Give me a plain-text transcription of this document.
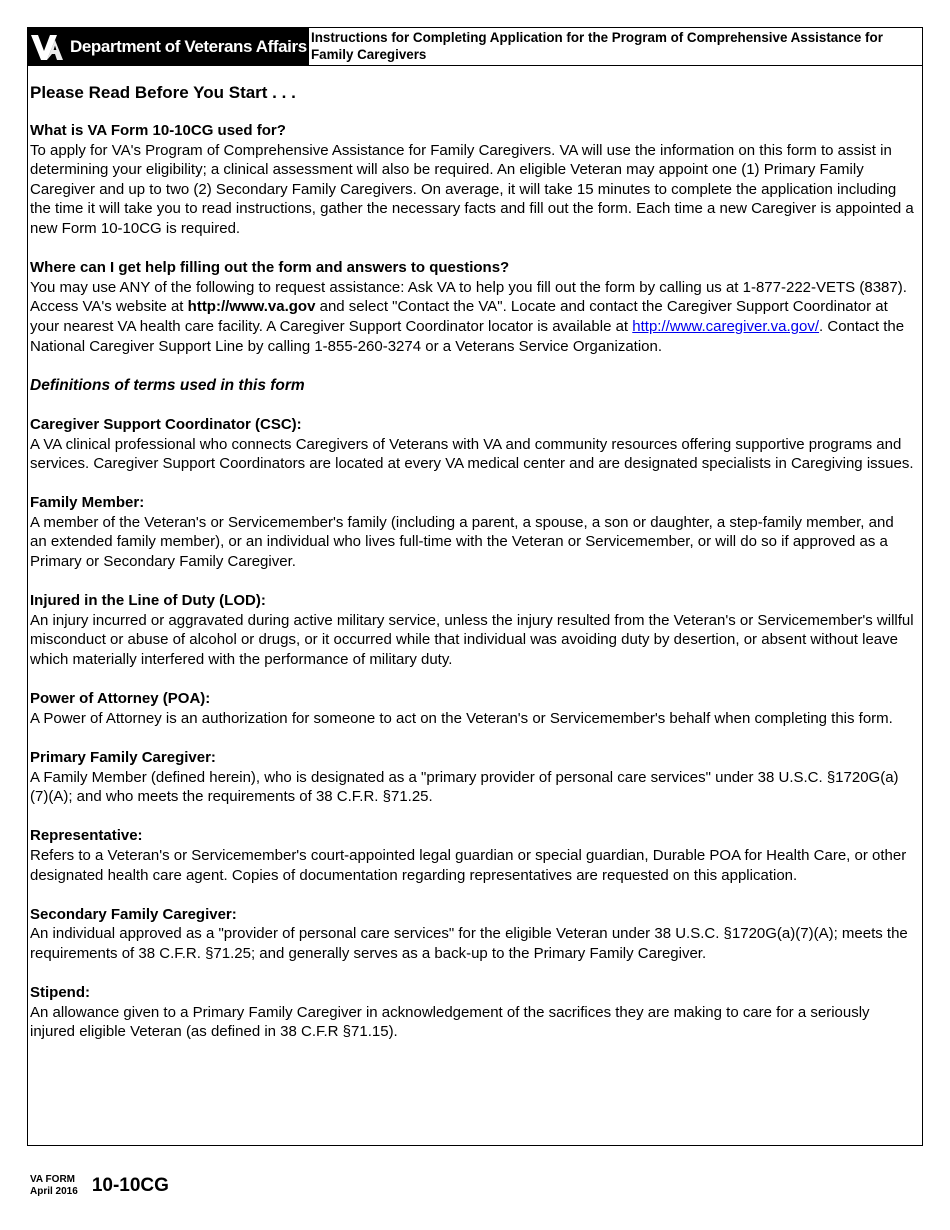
Department of Veterans Affairs Instructions for Completing Application for the Program of Comprehensive Assistance for Family Caregivers

Please Read Before You Start . . .

What is VA Form 10-10CG used for?

To apply for VA's Program of Comprehensive Assistance for Family Caregivers. VA will use the information on this form to assist in determining your eligibility; a clinical assessment will also be required. An eligible Veteran may appoint one (1) Primary Family Caregiver and up to two (2) Secondary Family Caregivers. On average, it will take 15 minutes to complete the application including the time it will take you to read instructions, gather the necessary facts and fill out the form. Each time a new Caregiver is appointed a new Form 10-10CG is required.

Where can I get help filling out the form and answers to questions?

You may use ANY of the following to request assistance: Ask VA to help you fill out the form by calling us at 1-877-222-VETS (8387). Access VA's website at http://www.va.gov and select "Contact the VA". Locate and contact the Caregiver Support Coordinator at your nearest VA health care facility. A Caregiver Support Coordinator locator is available at http://www.caregiver.va.gov/. Contact the National Caregiver Support Line by calling 1-855-260-3274 or a Veterans Service Organization.

Definitions of terms used in this form

Caregiver Support Coordinator (CSC):

A VA clinical professional who connects Caregivers of Veterans with VA and community resources offering supportive programs and services. Caregiver Support Coordinators are located at every VA medical center and are designated specialists in Caregiving issues.

Family Member:

A member of the Veteran's or Servicemember's family (including a parent, a spouse, a son or daughter, a step-family member, and an extended family member), or an individual who lives full-time with the Veteran or Servicemember, or will do so if approved as a Primary or Secondary Family Caregiver.

Injured in the Line of Duty (LOD):

An injury incurred or aggravated during active military service, unless the injury resulted from the Veteran's or Servicemember's willful misconduct or abuse of alcohol or drugs, or it occurred while that individual was avoiding duty by desertion, or absent without leave which materially interfered with the performance of military duty.

Power of Attorney (POA):

A Power of Attorney is an authorization for someone to act on the Veteran's or Servicemember's behalf when completing this form.

Primary Family Caregiver:

A Family Member (defined herein), who is designated as a "primary provider of personal care services" under 38 U.S.C. §1720G(a)(7)(A); and who meets the requirements of 38 C.F.R. §71.25.

Representative:

Refers to a Veteran's or Servicemember's court-appointed legal guardian or special guardian, Durable POA for Health Care, or other designated health care agent. Copies of documentation regarding representatives are requested on this application.

Secondary Family Caregiver:

An individual approved as a "provider of personal care services" for the eligible Veteran under 38 U.S.C. §1720G(a)(7)(A); meets the requirements of 38 C.F.R. §71.25; and generally serves as a back-up to the Primary Family Caregiver.

Stipend:

An allowance given to a Primary Family Caregiver in acknowledgement of the sacrifices they are making to care for a seriously injured eligible Veteran (as defined in 38 C.F.R §71.15).

VA FORM
April 2016 10-10CG
